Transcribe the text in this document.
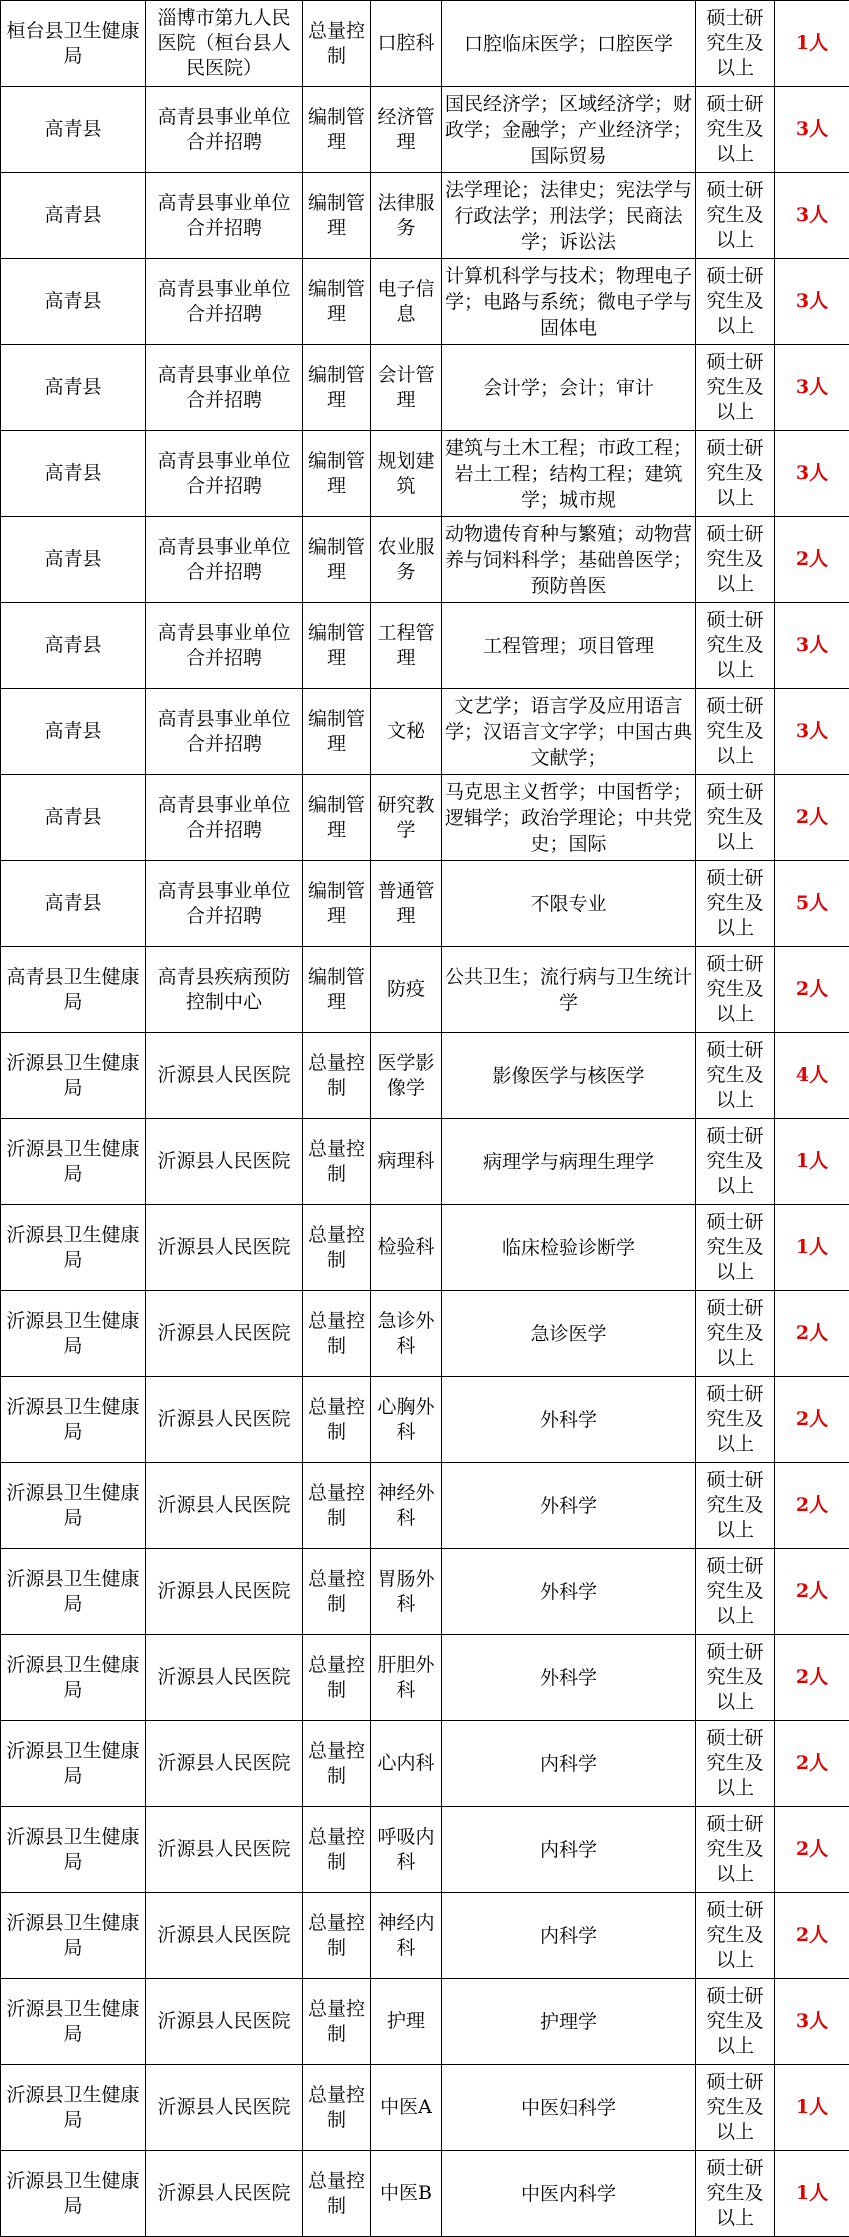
桓台县卫生健康局	淄博市第九人民医院（桓台县人民医院）	总量控制	口腔科	口腔临床医学；口腔医学	硕士研究生及以上	1人
高青县	高青县事业单位合并招聘	编制管理	经济管理	国民经济学；区域经济学；财政学；金融学；产业经济学；国际贸易	硕士研究生及以上	3人
高青县	高青县事业单位合并招聘	编制管理	法律服务	法学理论；法律史；宪法学与行政法学；刑法学；民商法学；诉讼法	硕士研究生及以上	3人
高青县	高青县事业单位合并招聘	编制管理	电子信息	计算机科学与技术；物理电子学；电路与系统；微电子学与固体电	硕士研究生及以上	3人
高青县	高青县事业单位合并招聘	编制管理	会计管理	会计学；会计；审计	硕士研究生及以上	3人
高青县	高青县事业单位合并招聘	编制管理	规划建筑	建筑与土木工程；市政工程；岩土工程；结构工程；建筑学；城市规	硕士研究生及以上	3人
高青县	高青县事业单位合并招聘	编制管理	农业服务	动物遗传育种与繁殖；动物营养与饲料科学；基础兽医学；预防兽医	硕士研究生及以上	2人
高青县	高青县事业单位合并招聘	编制管理	工程管理	工程管理；项目管理	硕士研究生及以上	3人
高青县	高青县事业单位合并招聘	编制管理	文秘	文艺学；语言学及应用语言学；汉语言文字学；中国古典文献学；	硕士研究生及以上	3人
高青县	高青县事业单位合并招聘	编制管理	研究教学	马克思主义哲学；中国哲学；逻辑学；政治学理论；中共党史；国际	硕士研究生及以上	2人
高青县	高青县事业单位合并招聘	编制管理	普通管理	不限专业	硕士研究生及以上	5人
高青县卫生健康局	高青县疾病预防控制中心	编制管理	防疫	公共卫生；流行病与卫生统计学	硕士研究生及以上	2人
沂源县卫生健康局	沂源县人民医院	总量控制	医学影像学	影像医学与核医学	硕士研究生及以上	4人
沂源县卫生健康局	沂源县人民医院	总量控制	病理科	病理学与病理生理学	硕士研究生及以上	1人
沂源县卫生健康局	沂源县人民医院	总量控制	检验科	临床检验诊断学	硕士研究生及以上	1人
沂源县卫生健康局	沂源县人民医院	总量控制	急诊外科	急诊医学	硕士研究生及以上	2人
沂源县卫生健康局	沂源县人民医院	总量控制	心胸外科	外科学	硕士研究生及以上	2人
沂源县卫生健康局	沂源县人民医院	总量控制	神经外科	外科学	硕士研究生及以上	2人
沂源县卫生健康局	沂源县人民医院	总量控制	胃肠外科	外科学	硕士研究生及以上	2人
沂源县卫生健康局	沂源县人民医院	总量控制	肝胆外科	外科学	硕士研究生及以上	2人
沂源县卫生健康局	沂源县人民医院	总量控制	心内科	内科学	硕士研究生及以上	2人
沂源县卫生健康局	沂源县人民医院	总量控制	呼吸内科	内科学	硕士研究生及以上	2人
沂源县卫生健康局	沂源县人民医院	总量控制	神经内科	内科学	硕士研究生及以上	2人
沂源县卫生健康局	沂源县人民医院	总量控制	护理	护理学	硕士研究生及以上	3人
沂源县卫生健康局	沂源县人民医院	总量控制	中医A	中医妇科学	硕士研究生及以上	1人
沂源县卫生健康局	沂源县人民医院	总量控制	中医B	中医内科学	硕士研究生及以上	1人
